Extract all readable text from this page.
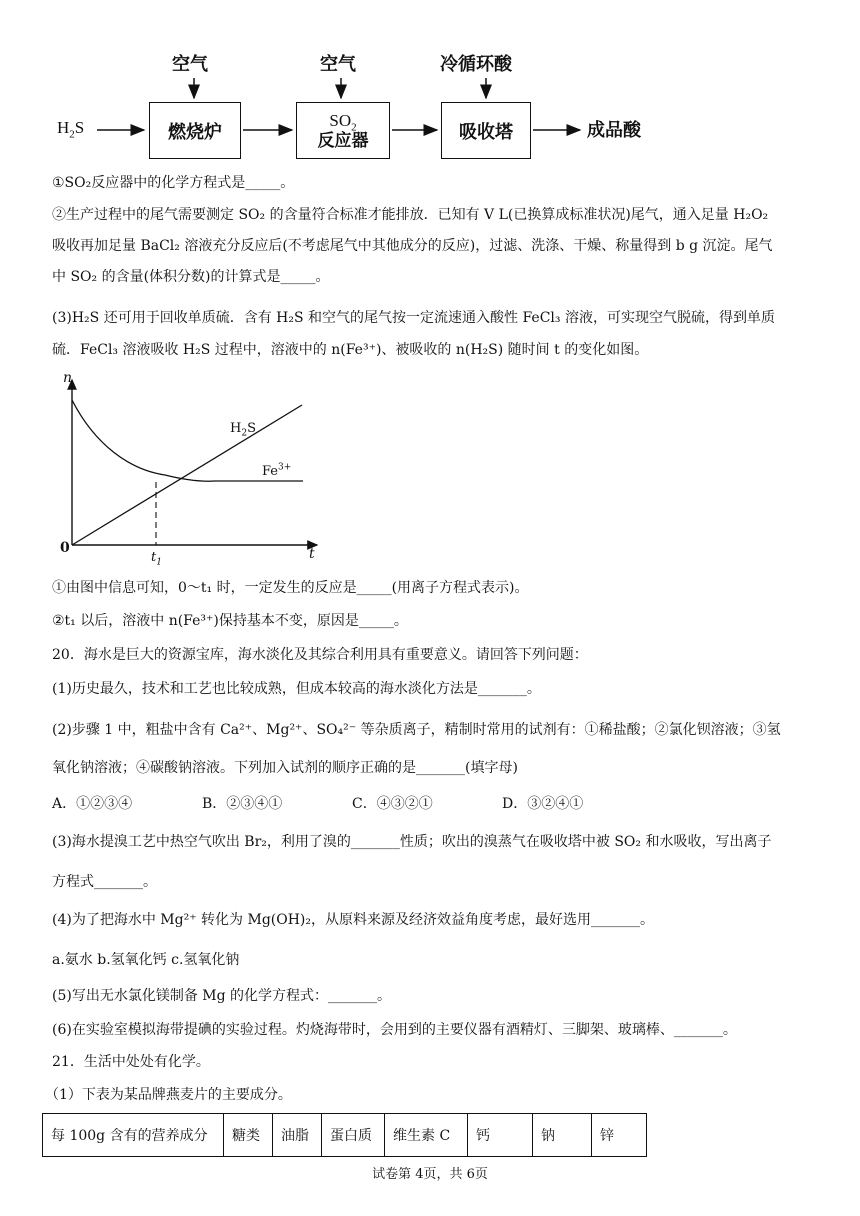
$H_2S$
空气	空气	冷循环酸
燃烧炉
$SO_2$
反应器	吸收塔	成品酸
①SO₂反应器中的化学方程式是_____。
②生产过程中的尾气需要测定 SO₂ 的含量符合标准才能排放．已知有 V L(已换算成标准状况)尾气，通入足量 H₂O₂
吸收再加足量 BaCl₂ 溶液充分反应后(不考虑尾气中其他成分的反应)，过滤、洗涤、干燥、称量得到 b g 沉淀。尾气
中 SO₂ 的含量(体积分数)的计算式是_____。
(3)H₂S 还可用于回收单质硫．含有 H₂S 和空气的尾气按一定流速通入酸性 FeCl₃ 溶液，可实现空气脱硫，得到单质
硫．FeCl₃ 溶液吸收 H₂S 过程中，溶液中的 n(Fe³⁺)、被吸收的 n(H₂S) 随时间 t 的变化如图。
n
t
0
$t_1$
$H_2S$
$Fe^{3+}$
①由图中信息可知，0～t₁ 时，一定发生的反应是_____(用离子方程式表示)。
②t₁ 以后，溶液中 n(Fe³⁺)保持基本不变，原因是_____。
20．海水是巨大的资源宝库，海水淡化及其综合利用具有重要意义。请回答下列问题：
(1)历史最久，技术和工艺也比较成熟，但成本较高的海水淡化方法是_______。
(2)步骤 1 中，粗盐中含有 Ca²⁺、Mg²⁺、SO₄²⁻ 等杂质离子，精制时常用的试剂有：①稀盐酸；②氯化钡溶液；③氢
氧化钠溶液；④碳酸钠溶液。下列加入试剂的顺序正确的是_______(填字母)
A．①②③④	B．②③④①	C．④③②①	D．③②④①
(3)海水提溴工艺中热空气吹出 Br₂，利用了溴的_______性质；吹出的溴蒸气在吸收塔中被 SO₂ 和水吸收，写出离子
方程式_______。
(4)为了把海水中 Mg²⁺ 转化为 Mg(OH)₂，从原料来源及经济效益角度考虑，最好选用_______。
a.氨水 b.氢氧化钙 c.氢氧化钠
(5)写出无水氯化镁制备 Mg 的化学方程式：_______。
(6)在实验室模拟海带提碘的实验过程。灼烧海带时，会用到的主要仪器有酒精灯、三脚架、玻璃棒、_______。
21．生活中处处有化学。
（1）下表为某品牌燕麦片的主要成分。
每 100g 含有的营养成分	糖类	油脂	蛋白质	维生素 C	钙	钠	锌
试卷第 4页，共 6页
